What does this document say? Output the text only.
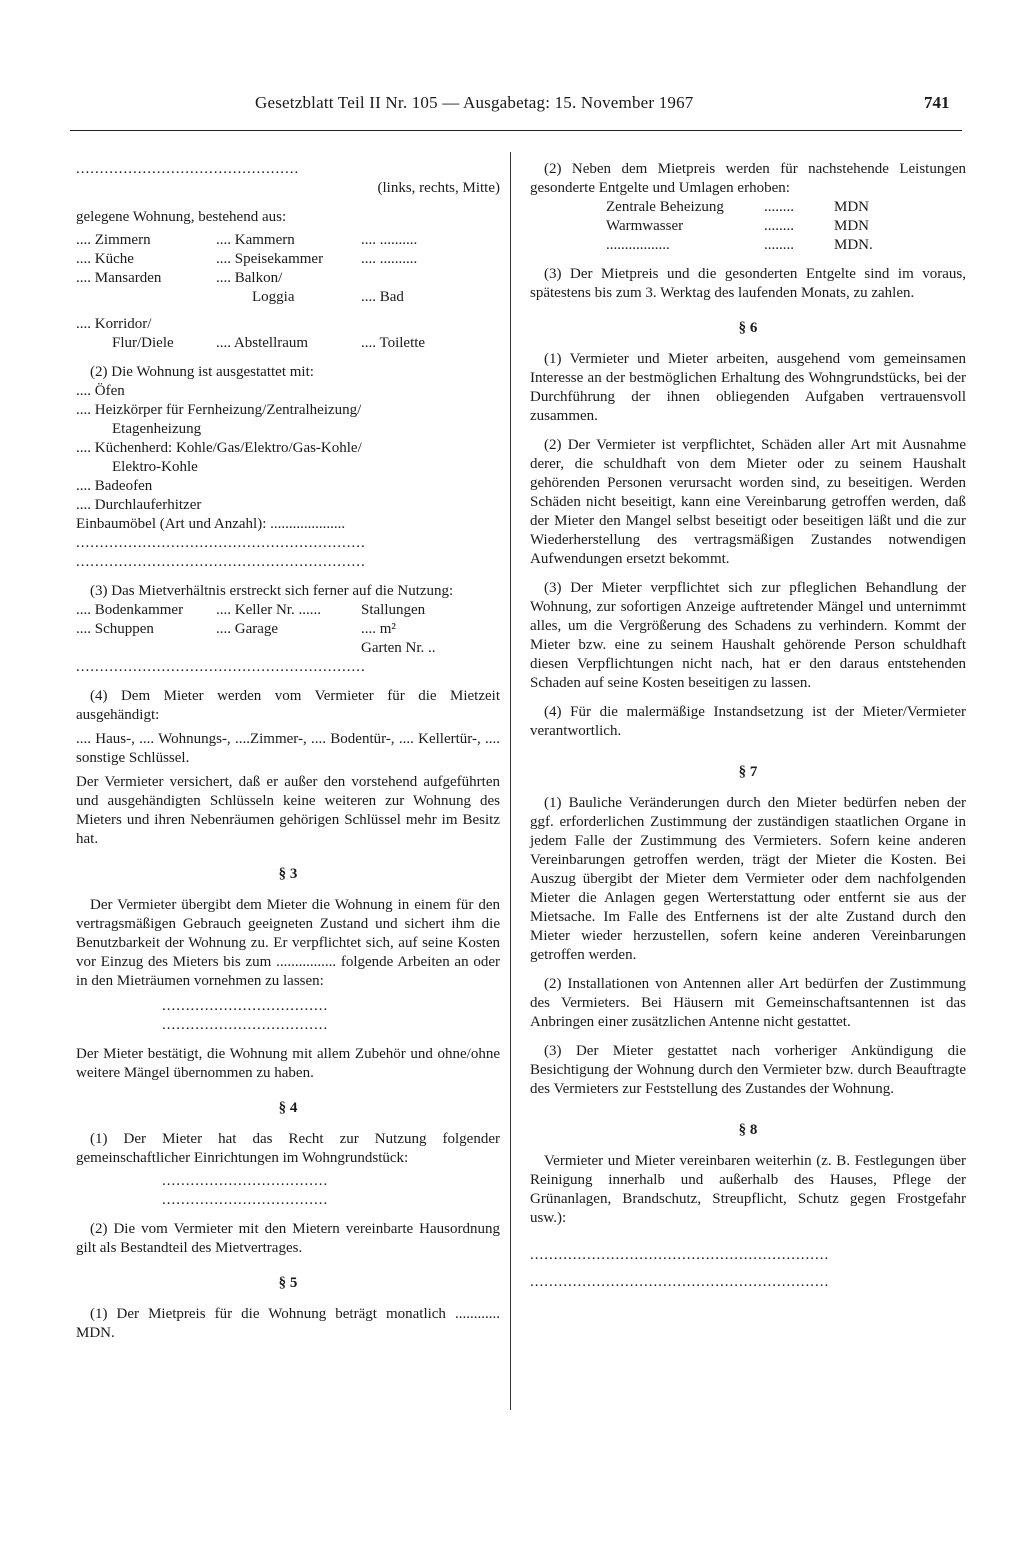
Gesetzblatt Teil II Nr. 105 — Ausgabetag: 15. November 1967	741

...............................................

(links, rechts, Mitte)

gelegene Wohnung, bestehend aus:

.... Zimmern	.... Kammern	.... ..........
.... Küche	.... Speisekammer	.... ..........
.... Mansarden	.... Balkon/
Loggia	.... Bad
.... Korridor/
Flur/Diele	.... Abstellraum	.... Toilette

(2) Die Wohnung ist ausgestattet mit:

.... Öfen
.... Heizkörper für Fernheizung/Zentralheizung/
Etagenheizung
.... Küchenherd: Kohle/Gas/Elektro/Gas-Kohle/
Elektro-Kohle
.... Badeofen
.... Durchlauferhitzer

Einbaumöbel (Art und Anzahl): ....................

.............................................................

.............................................................

(3) Das Mietverhältnis erstreckt sich ferner auf die Nutzung:

.... Bodenkammer	.... Keller Nr. ......	Stallungen
.... Schuppen	.... Garage	.... m²
Garten Nr. ..

.............................................................

(4) Dem Mieter werden vom Vermieter für die Mietzeit ausgehändigt:

.... Haus-, .... Wohnungs-, ....Zimmer-, .... Bodentür-, .... Kellertür-, .... sonstige Schlüssel.

Der Vermieter versichert, daß er außer den vorstehend aufgeführten und ausgehändigten Schlüsseln keine weiteren zur Wohnung des Mieters und ihren Nebenräumen gehörigen Schlüssel mehr im Besitz hat.

§ 3

Der Vermieter übergibt dem Mieter die Wohnung in einem für den vertragsmäßigen Gebrauch geeigneten Zustand und sichert ihm die Benutzbarkeit der Wohnung zu. Er verpflichtet sich, auf seine Kosten vor Einzug des Mieters bis zum ................ folgende Arbeiten an oder in den Mieträumen vornehmen zu lassen:

...................................

...................................

Der Mieter bestätigt, die Wohnung mit allem Zubehör und ohne/ohne weitere Mängel übernommen zu haben.

§ 4

(1) Der Mieter hat das Recht zur Nutzung folgender gemeinschaftlicher Einrichtungen im Wohngrundstück:

...................................

...................................

(2) Die vom Vermieter mit den Mietern vereinbarte Hausordnung gilt als Bestandteil des Mietvertrages.

§ 5

(1) Der Mietpreis für die Wohnung beträgt monatlich ............ MDN.

(2) Neben dem Mietpreis werden für nachstehende Leistungen gesonderte Entgelte und Umlagen erhoben:

Zentrale Beheizung	........	MDN
Warmwasser	........	MDN
.................	........	MDN.

(3) Der Mietpreis und die gesonderten Entgelte sind im voraus, spätestens bis zum 3. Werktag des laufenden Monats, zu zahlen.

§ 6

(1) Vermieter und Mieter arbeiten, ausgehend vom gemeinsamen Interesse an der bestmöglichen Erhaltung des Wohngrundstücks, bei der Durchführung der ihnen obliegenden Aufgaben vertrauensvoll zusammen.

(2) Der Vermieter ist verpflichtet, Schäden aller Art mit Ausnahme derer, die schuldhaft von dem Mieter oder zu seinem Haushalt gehörenden Personen verursacht worden sind, zu beseitigen. Werden Schäden nicht beseitigt, kann eine Vereinbarung getroffen werden, daß der Mieter den Mangel selbst beseitigt oder beseitigen läßt und die zur Wiederherstellung des vertragsmäßigen Zustandes notwendigen Aufwendungen ersetzt bekommt.

(3) Der Mieter verpflichtet sich zur pfleglichen Behandlung der Wohnung, zur sofortigen Anzeige auftretender Mängel und unternimmt alles, um die Vergrößerung des Schadens zu verhindern. Kommt der Mieter bzw. eine zu seinem Haushalt gehörende Person schuldhaft diesen Verpflichtungen nicht nach, hat er den daraus entstehenden Schaden auf seine Kosten beseitigen zu lassen.

(4) Für die malermäßige Instandsetzung ist der Mieter/Vermieter verantwortlich.

§ 7

(1) Bauliche Veränderungen durch den Mieter bedürfen neben der ggf. erforderlichen Zustimmung der zuständigen staatlichen Organe in jedem Falle der Zustimmung des Vermieters. Sofern keine anderen Vereinbarungen getroffen werden, trägt der Mieter die Kosten. Bei Auszug übergibt der Mieter dem Vermieter oder dem nachfolgenden Mieter die Anlagen gegen Werterstattung oder entfernt sie aus der Mietsache. Im Falle des Entfernens ist der alte Zustand durch den Mieter wieder herzustellen, sofern keine anderen Vereinbarungen getroffen werden.

(2) Installationen von Antennen aller Art bedürfen der Zustimmung des Vermieters. Bei Häusern mit Gemeinschaftsantennen ist das Anbringen einer zusätzlichen Antenne nicht gestattet.

(3) Der Mieter gestattet nach vorheriger Ankündigung die Besichtigung der Wohnung durch den Vermieter bzw. durch Beauftragte des Vermieters zur Feststellung des Zustandes der Wohnung.

§ 8

Vermieter und Mieter vereinbaren weiterhin (z. B. Festlegungen über Reinigung innerhalb und außerhalb des Hauses, Pflege der Grünanlagen, Brandschutz, Streupflicht, Schutz gegen Frostgefahr usw.):

...............................................................

...............................................................
